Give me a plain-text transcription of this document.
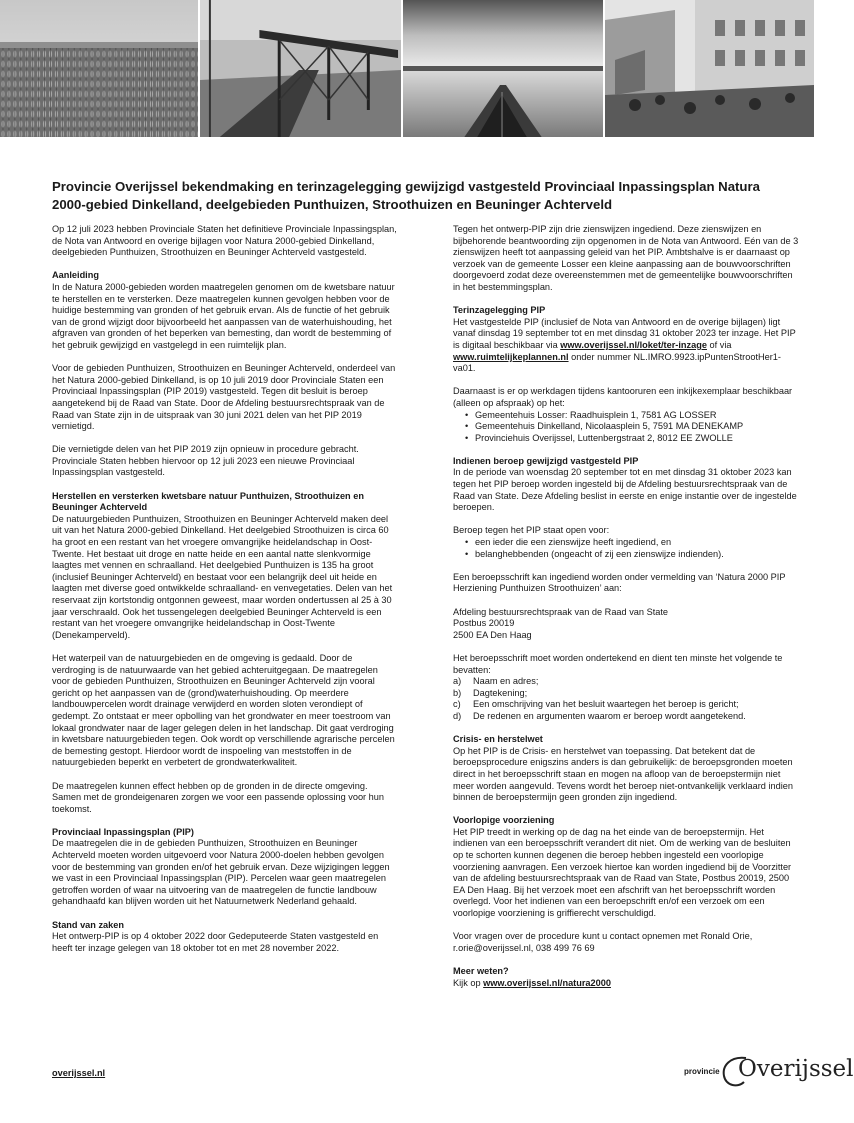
Provincie Overijssel bekendmaking en terinzagelegging gewijzigd vastgesteld Provinciaal Inpassingsplan Natura 2000-gebied Dinkelland, deelgebieden Punthuizen, Stroothuizen en Beuninger Achterveld

Op 12 juli 2023 hebben Provinciale Staten het definitieve Provinciale Inpassingsplan, de Nota van Antwoord en overige bijlagen voor Natura 2000-gebied Dinkelland, deelgebieden Punthuizen, Stroothuizen en Beuninger Achterveld vastgesteld.

Aanleiding

In de Natura 2000-gebieden worden maatregelen genomen om de kwetsbare natuur te herstellen en te versterken. Deze maatregelen kunnen gevolgen hebben voor de huidige bestemming van gronden of het gebruik ervan. Als de functie of het gebruik van de grond wijzigt door bijvoorbeeld het aanpassen van de waterhuishouding, het afgraven van gronden of het beperken van bemesting, dan wordt de bestemming of het gebruik gewijzigd en vastgelegd in een ruimtelijk plan.

Voor de gebieden Punthuizen, Stroothuizen en Beuninger Achterveld, onderdeel van het Natura 2000-gebied Dinkelland, is op 10 juli 2019 door Provinciale Staten een Provinciaal Inpassingsplan (PIP 2019) vastgesteld. Tegen dit besluit is beroep aangetekend bij de Raad van State. Door de Afdeling bestuursrechtspraak van de Raad van State zijn in de uitspraak van 30 juni 2021 delen van het PIP 2019 vernietigd.

Die vernietigde delen van het PIP 2019 zijn opnieuw in procedure gebracht. Provinciale Staten hebben hiervoor op 12 juli 2023 een nieuwe Provinciaal Inpassingsplan vastgesteld.

Herstellen en versterken kwetsbare natuur Punthuizen, Stroothuizen en Beuninger Achterveld

De natuurgebieden Punthuizen, Stroothuizen en Beuninger Achterveld maken deel uit van het Natura 2000-gebied Dinkelland. Het deelgebied Stroothuizen is circa 60 ha groot en een restant van het vroegere omvangrijke heidelandschap in Oost-Twente. Het bestaat uit droge en natte heide en een aantal natte slenkvormige laagtes met vennen en schraalland. Het deelgebied Punthuizen is 135 ha groot (inclusief Beuninger Achterveld) en bestaat voor een belangrijk deel uit heide en laagten met diverse goed ontwikkelde schraalland- en venvegetaties. Delen van het reservaat zijn kortstondig ontgonnen geweest, maar worden ondertussen al 25 à 30 jaar verschraald. Ook het tussengelegen deelgebied Beuninger Achterveld is een restant van het vroegere omvangrijke heidelandschap in Oost-Twente (Denekamperveld).

Het waterpeil van de natuurgebieden en de omgeving is gedaald. Door de verdroging is de natuurwaarde van het gebied achteruitgegaan. De maatregelen voor de gebieden Punthuizen, Stroothuizen en Beuninger Achterveld zijn vooral gericht op het aanpassen van de (grond)waterhuishouding. Op meerdere landbouwpercelen wordt drainage verwijderd en worden sloten verondiept of gedempt. Zo ontstaat er meer opbolling van het grondwater en meer toestroom van lokaal grondwater naar de lager gelegen delen in het landschap. Dit gaat verdroging in kwetsbare natuurgebieden tegen. Ook wordt op verschillende agrarische percelen de bemesting gestopt. Hierdoor wordt de inspoeling van meststoffen in de natuurgebieden beperkt en verbetert de grondwaterkwaliteit.

De maatregelen kunnen effect hebben op de gronden in de directe omgeving. Samen met de grondeigenaren zorgen we voor een passende oplossing voor hun toekomst.

Provinciaal Inpassingsplan (PIP)

De maatregelen die in de gebieden Punthuizen, Stroothuizen en Beuninger Achterveld moeten worden uitgevoerd voor Natura 2000-doelen hebben gevolgen voor de bestemming van gronden en/of het gebruik ervan. Deze wijzigingen leggen we vast in een Provinciaal Inpassingsplan (PIP). Percelen waar geen maatregelen getroffen worden of waar na uitvoering van de maatregelen de functie landbouw gehandhaafd kan blijven worden uit het Natuurnetwerk Nederland gehaald.

Stand van zaken

Het ontwerp-PIP is op 4 oktober 2022 door Gedeputeerde Staten vastgesteld en heeft ter inzage gelegen van 18 oktober tot en met 28 november 2022.

Tegen het ontwerp-PIP zijn drie zienswijzen ingediend. Deze zienswijzen en bijbehorende beantwoording zijn opgenomen in de Nota van Antwoord. Eén van de 3 zienswijzen heeft tot aanpassing geleid van het PIP. Ambtshalve is er daarnaast op verzoek van de gemeente Losser een kleine aanpassing aan de bouwvoorschriften doorgevoerd zodat deze overeenstemmen met de gemeentelijke bouwvoorschriften in het bestemmingsplan.

Terinzagelegging PIP

Het vastgestelde PIP (inclusief de Nota van Antwoord en de overige bijlagen) ligt vanaf dinsdag 19 september tot en met dinsdag 31 oktober 2023 ter inzage. Het PIP is digitaal beschikbaar via www.overijssel.nl/loket/ter-inzage of via www.ruimtelijkeplannen.nl onder nummer NL.IMRO.9923.ipPuntenStrootHer1-va01.

Daarnaast is er op werkdagen tijdens kantooruren een inkijkexemplaar beschikbaar (alleen op afspraak) op het:
• Gemeentehuis Losser: Raadhuisplein 1, 7581 AG LOSSER
• Gemeentehuis Dinkelland, Nicolaasplein 5, 7591 MA DENEKAMP
• Provinciehuis Overijssel, Luttenbergstraat 2, 8012 EE ZWOLLE
Indienen beroep gewijzigd vastgesteld PIP

In de periode van woensdag 20 september tot en met dinsdag 31 oktober 2023 kan tegen het PIP beroep worden ingesteld bij de Afdeling bestuursrechtspraak van de Raad van State. Deze Afdeling beslist in eerste en enige instantie over de ingestelde beroepen.

Beroep tegen het PIP staat open voor:
• een ieder die een zienswijze heeft ingediend, en
• belanghebbenden (ongeacht of zij een zienswijze indienden).

Een beroepsschrift kan ingediend worden onder vermelding van ‘Natura 2000 PIP Herziening Punthuizen Stroothuizen’ aan:

Afdeling bestuursrechtspraak van de Raad van State
Postbus 20019
2500 EA Den Haag

Het beroepsschrift moet worden ondertekend en dient ten minste het volgende te bevatten:
a)	Naam en adres;
b)	Dagtekening;
c)	Een omschrijving van het besluit waartegen het beroep is gericht;
d)	De redenen en argumenten waarom er beroep wordt aangetekend.
Crisis- en herstelwet

Op het PIP is de Crisis- en herstelwet van toepassing. Dat betekent dat de beroepsprocedure enigszins anders is dan gebruikelijk: de beroepsgronden moeten direct in het beroepsschrift staan en mogen na afloop van de beroepstermijn niet meer worden aangevuld. Tevens wordt het beroep niet-ontvankelijk verklaard indien binnen de beroepstermijn geen gronden zijn ingediend.

Voorlopige voorziening

Het PIP treedt in werking op de dag na het einde van de beroepstermijn. Het indienen van een beroepsschrift verandert dit niet. Om de werking van de besluiten op te schorten kunnen degenen die beroep hebben ingesteld een voorlopige voorziening aanvragen. Een verzoek hiertoe kan worden ingediend bij de Voorzitter van de afdeling bestuursrechtspraak van de Raad van State, Postbus 20019, 2500 EA Den Haag. Bij het verzoek moet een afschrift van het beroepsschrift worden overlegd. Voor het indienen van een beroepschrift en/of een verzoek om een voorlopige voorziening is griffierecht verschuldigd.

Voor vragen over de procedure kunt u contact opnemen met Ronald Orie, r.orie@overijssel.nl, 038 499 76 69

Meer weten?

Kijk op www.overijssel.nl/natura2000

overijssel.nl	provincie Overijssel
